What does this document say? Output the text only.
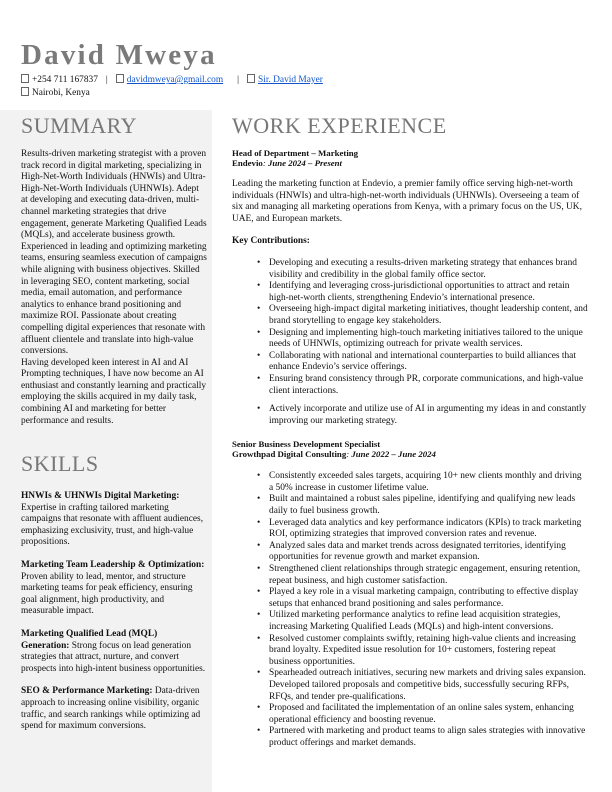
David Mweya
+254 711 167837 | davidmweya@gmail.com | Sir. David Mayer
Nairobi, Kenya
SUMMARY

Results-driven marketing strategist with a proven track record in digital marketing, specializing in High-Net-Worth Individuals (HNWIs) and Ultra-High-Net-Worth Individuals (UHNWIs). Adept at developing and executing data-driven, multi-channel marketing strategies that drive engagement, generate Marketing Qualified Leads (MQLs), and accelerate business growth. Experienced in leading and optimizing marketing teams, ensuring seamless execution of campaigns while aligning with business objectives. Skilled in leveraging SEO, content marketing, social media, email automation, and performance analytics to enhance brand positioning and maximize ROI. Passionate about creating compelling digital experiences that resonate with affluent clientele and translate into high-value conversions.

Having developed keen interest in AI and AI Prompting techniques, I have now become an AI enthusiast and constantly learning and practically employing the skills acquired in my daily task, combining AI and marketing for better performance and results.

SKILLS

HNWIs & UHNWIs Digital Marketing: Expertise in crafting tailored marketing campaigns that resonate with affluent audiences, emphasizing exclusivity, trust, and high-value propositions.

Marketing Team Leadership & Optimization: Proven ability to lead, mentor, and structure marketing teams for peak efficiency, ensuring goal alignment, high productivity, and measurable impact.

Marketing Qualified Lead (MQL) Generation: Strong focus on lead generation strategies that attract, nurture, and convert prospects into high-intent business opportunities.

SEO & Performance Marketing: Data-driven approach to increasing online visibility, organic traffic, and search rankings while optimizing ad spend for maximum conversions.

WORK EXPERIENCE
Head of Department – Marketing
Endevio: June 2024 – Present

Leading the marketing function at Endevio, a premier family office serving high-net-worth individuals (HNWIs) and ultra-high-net-worth individuals (UHNWIs). Overseeing a team of six and managing all marketing operations from Kenya, with a primary focus on the US, UK, UAE, and European markets.

Key Contributions:

• Developing and executing a results-driven marketing strategy that enhances brand visibility and credibility in the global family office sector.
• Identifying and leveraging cross-jurisdictional opportunities to attract and retain high-net-worth clients, strengthening Endevio’s international presence.
• Overseeing high-impact digital marketing initiatives, thought leadership content, and brand storytelling to engage key stakeholders.
• Designing and implementing high-touch marketing initiatives tailored to the unique needs of UHNWIs, optimizing outreach for private wealth services.
• Collaborating with national and international counterparties to build alliances that enhance Endevio’s service offerings.
• Ensuring brand consistency through PR, corporate communications, and high-value client interactions.
• Actively incorporate and utilize use of AI in argumenting my ideas in and constantly improving our marketing strategy.
Senior Business Development Specialist
Growthpad Digital Consulting: June 2022 – June 2024
• Consistently exceeded sales targets, acquiring 10+ new clients monthly and driving a 50% increase in customer lifetime value.
• Built and maintained a robust sales pipeline, identifying and qualifying new leads daily to fuel business growth.
• Leveraged data analytics and key performance indicators (KPIs) to track marketing ROI, optimizing strategies that improved conversion rates and revenue.
• Analyzed sales data and market trends across designated territories, identifying opportunities for revenue growth and market expansion.
• Strengthened client relationships through strategic engagement, ensuring retention, repeat business, and high customer satisfaction.
• Played a key role in a visual marketing campaign, contributing to effective display setups that enhanced brand positioning and sales performance.
• Utilized marketing performance analytics to refine lead acquisition strategies, increasing Marketing Qualified Leads (MQLs) and high-intent conversions.
• Resolved customer complaints swiftly, retaining high-value clients and increasing brand loyalty. Expedited issue resolution for 10+ customers, fostering repeat business opportunities.
• Spearheaded outreach initiatives, securing new markets and driving sales expansion. Developed tailored proposals and competitive bids, successfully securing RFPs, RFQs, and tender pre-qualifications.
• Proposed and facilitated the implementation of an online sales system, enhancing operational efficiency and boosting revenue.
• Partnered with marketing and product teams to align sales strategies with innovative product offerings and market demands.
